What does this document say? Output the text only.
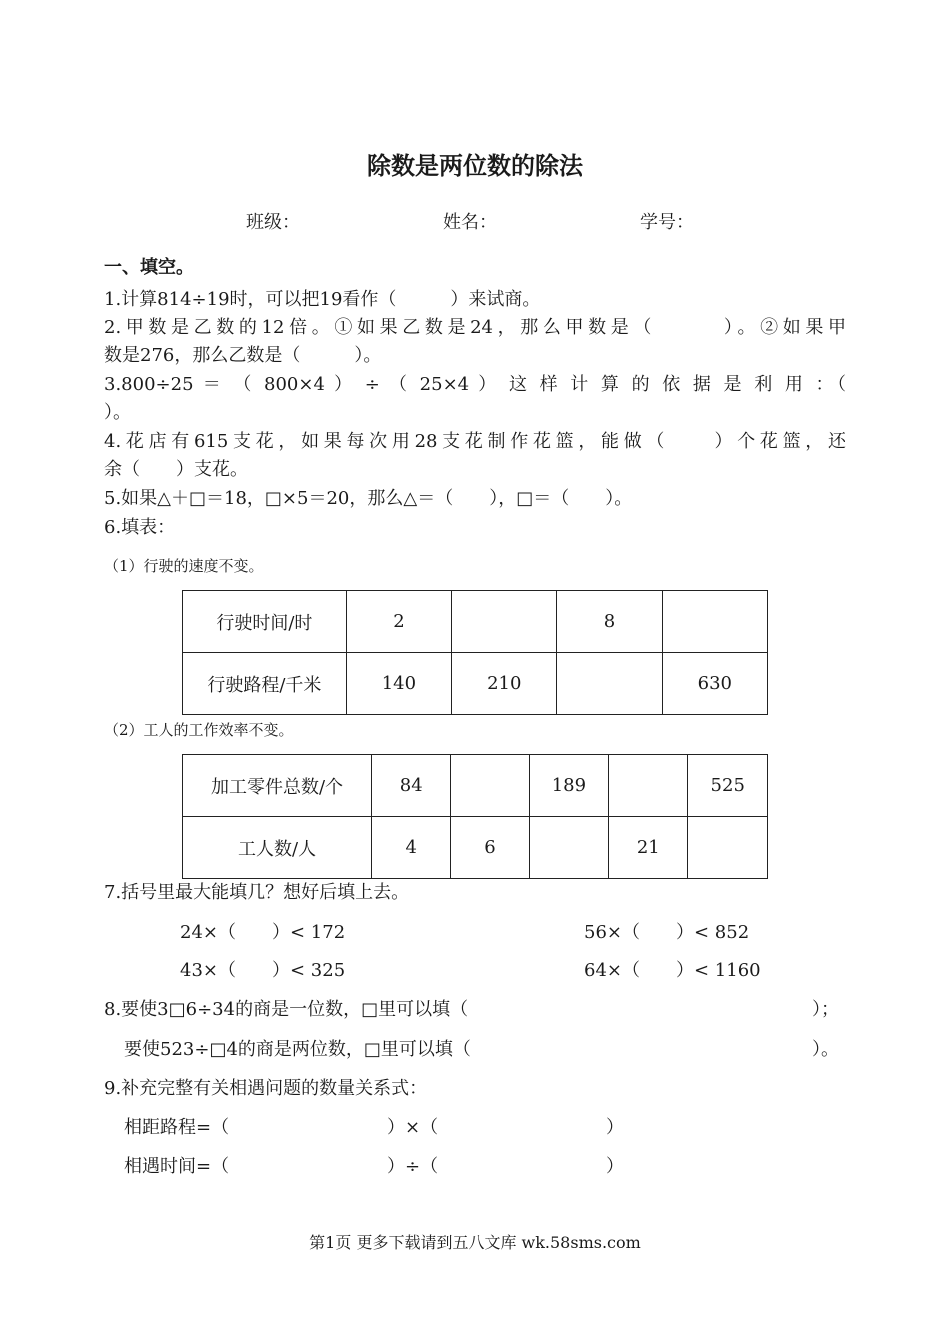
除数是两位数的除法
班级：	姓名：	学号：
一、填空。
1.计算814÷19时，可以把19看作（　　　）来试商。
2.甲数是乙数的12倍。①如果乙数是24，那么甲数是（　　　）。②如果甲
数是276，那么乙数是（　　　）。
3.800÷25 ＝ （ 800×4 ） ÷ （ 25×4 ） 这 样 计 算 的 依 据 是 利 用 ：（
）。
4.花店有615支花，如果每次用28支花制作花篮，能做（　　）个花篮，还
余（　　）支花。
5.如果△＋□＝18，□×5＝20，那么△＝（　　），□＝（　　）。
6.填表：
（1）行驶的速度不变。
行驶时间/时	2		8	
行驶路程/千米	140	210		630
（2）工人的工作效率不变。
加工零件总数/个	84		189		525
工人数/人	4	6		21	
7.括号里最大能填几？想好后填上去。
24×（　　）< 172	56×（　　）< 852
43×（　　）< 325	64×（　　）< 1160
8.要使3□6÷34的商是一位数，□里可以填（	）；
要使523÷□4的商是两位数，□里可以填（	）。
9.补充完整有关相遇问题的数量关系式：
相距路程=（	）×（	）
相遇时间=（	）÷（	）
第1页 更多下载请到五八文库 wk.58sms.com
